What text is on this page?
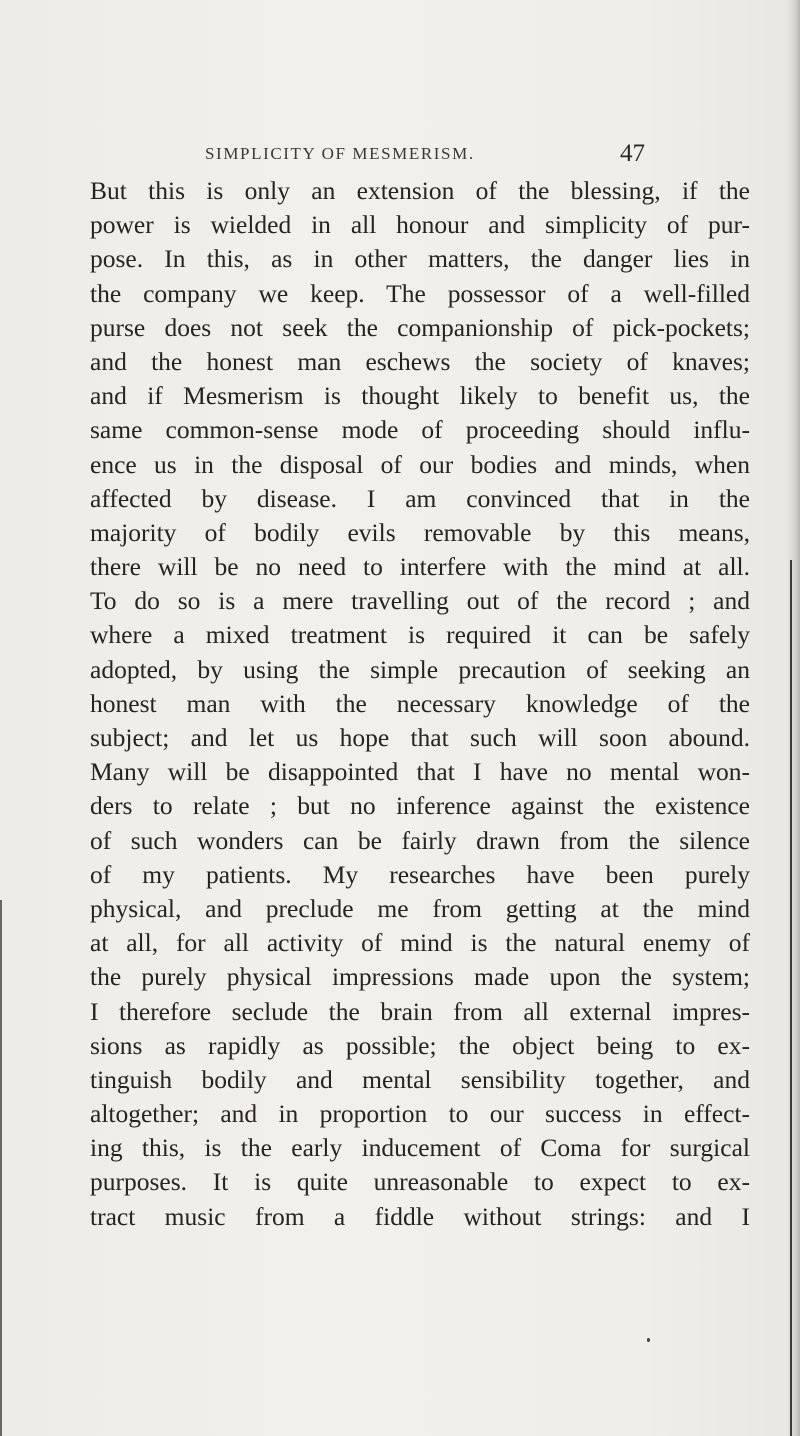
SIMPLICITY OF MESMERISM.	47
But this is only an extension of the blessing, if the
power is wielded in all honour and simplicity of pur-
pose. In this, as in other matters, the danger lies in
the company we keep. The possessor of a well-filled
purse does not seek the companionship of pick-pockets;
and the honest man eschews the society of knaves;
and if Mesmerism is thought likely to benefit us, the
same common-sense mode of proceeding should influ-
ence us in the disposal of our bodies and minds, when
affected by disease. I am convinced that in the
majority of bodily evils removable by this means,
there will be no need to interfere with the mind at all.
To do so is a mere travelling out of the record ; and
where a mixed treatment is required it can be safely
adopted, by using the simple precaution of seeking an
honest man with the necessary knowledge of the
subject; and let us hope that such will soon abound.
Many will be disappointed that I have no mental won-
ders to relate ; but no inference against the existence
of such wonders can be fairly drawn from the silence
of my patients. My researches have been purely
physical, and preclude me from getting at the mind
at all, for all activity of mind is the natural enemy of
the purely physical impressions made upon the system;
I therefore seclude the brain from all external impres-
sions as rapidly as possible; the object being to ex-
tinguish bodily and mental sensibility together, and
altogether; and in proportion to our success in effect-
ing this, is the early inducement of Coma for surgical
purposes. It is quite unreasonable to expect to ex-
tract music from a fiddle without strings: and I
